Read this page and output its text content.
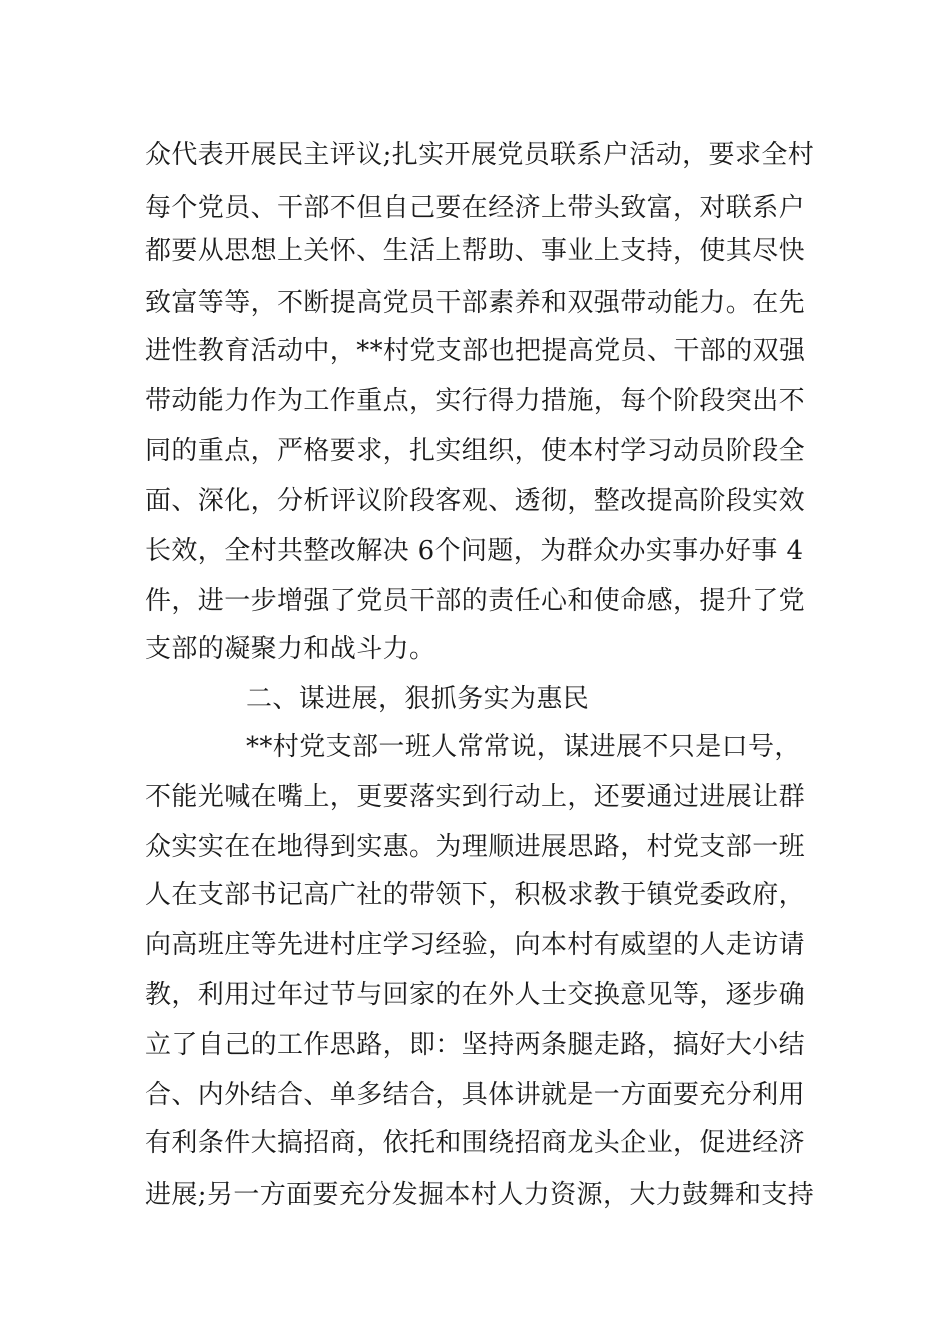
众代表开展民主评议;扎实开展党员联系户活动，要求全村
每个党员、干部不但自己要在经济上带头致富，对联系户
都要从思想上关怀、生活上帮助、事业上支持，使其尽快
致富等等，不断提高党员干部素养和双强带动能力。在先
进性教育活动中，**村党支部也把提高党员、干部的双强
带动能力作为工作重点，实行得力措施，每个阶段突出不
同的重点，严格要求，扎实组织，使本村学习动员阶段全
面、深化，分析评议阶段客观、透彻，整改提高阶段实效
长效，全村共整改解决 6个问题，为群众办实事办好事 4
件，进一步增强了党员干部的责任心和使命感，提升了党
支部的凝聚力和战斗力。
二、谋进展，狠抓务实为惠民
**村党支部一班人常常说，谋进展不只是口号，
不能光喊在嘴上，更要落实到行动上，还要通过进展让群
众实实在在地得到实惠。为理顺进展思路，村党支部一班
人在支部书记高广社的带领下，积极求教于镇党委政府，
向高班庄等先进村庄学习经验，向本村有威望的人走访请
教，利用过年过节与回家的在外人士交换意见等，逐步确
立了自己的工作思路，即：坚持两条腿走路，搞好大小结
合、内外结合、单多结合，具体讲就是一方面要充分利用
有利条件大搞招商，依托和围绕招商龙头企业，促进经济
进展;另一方面要充分发掘本村人力资源，大力鼓舞和支持
